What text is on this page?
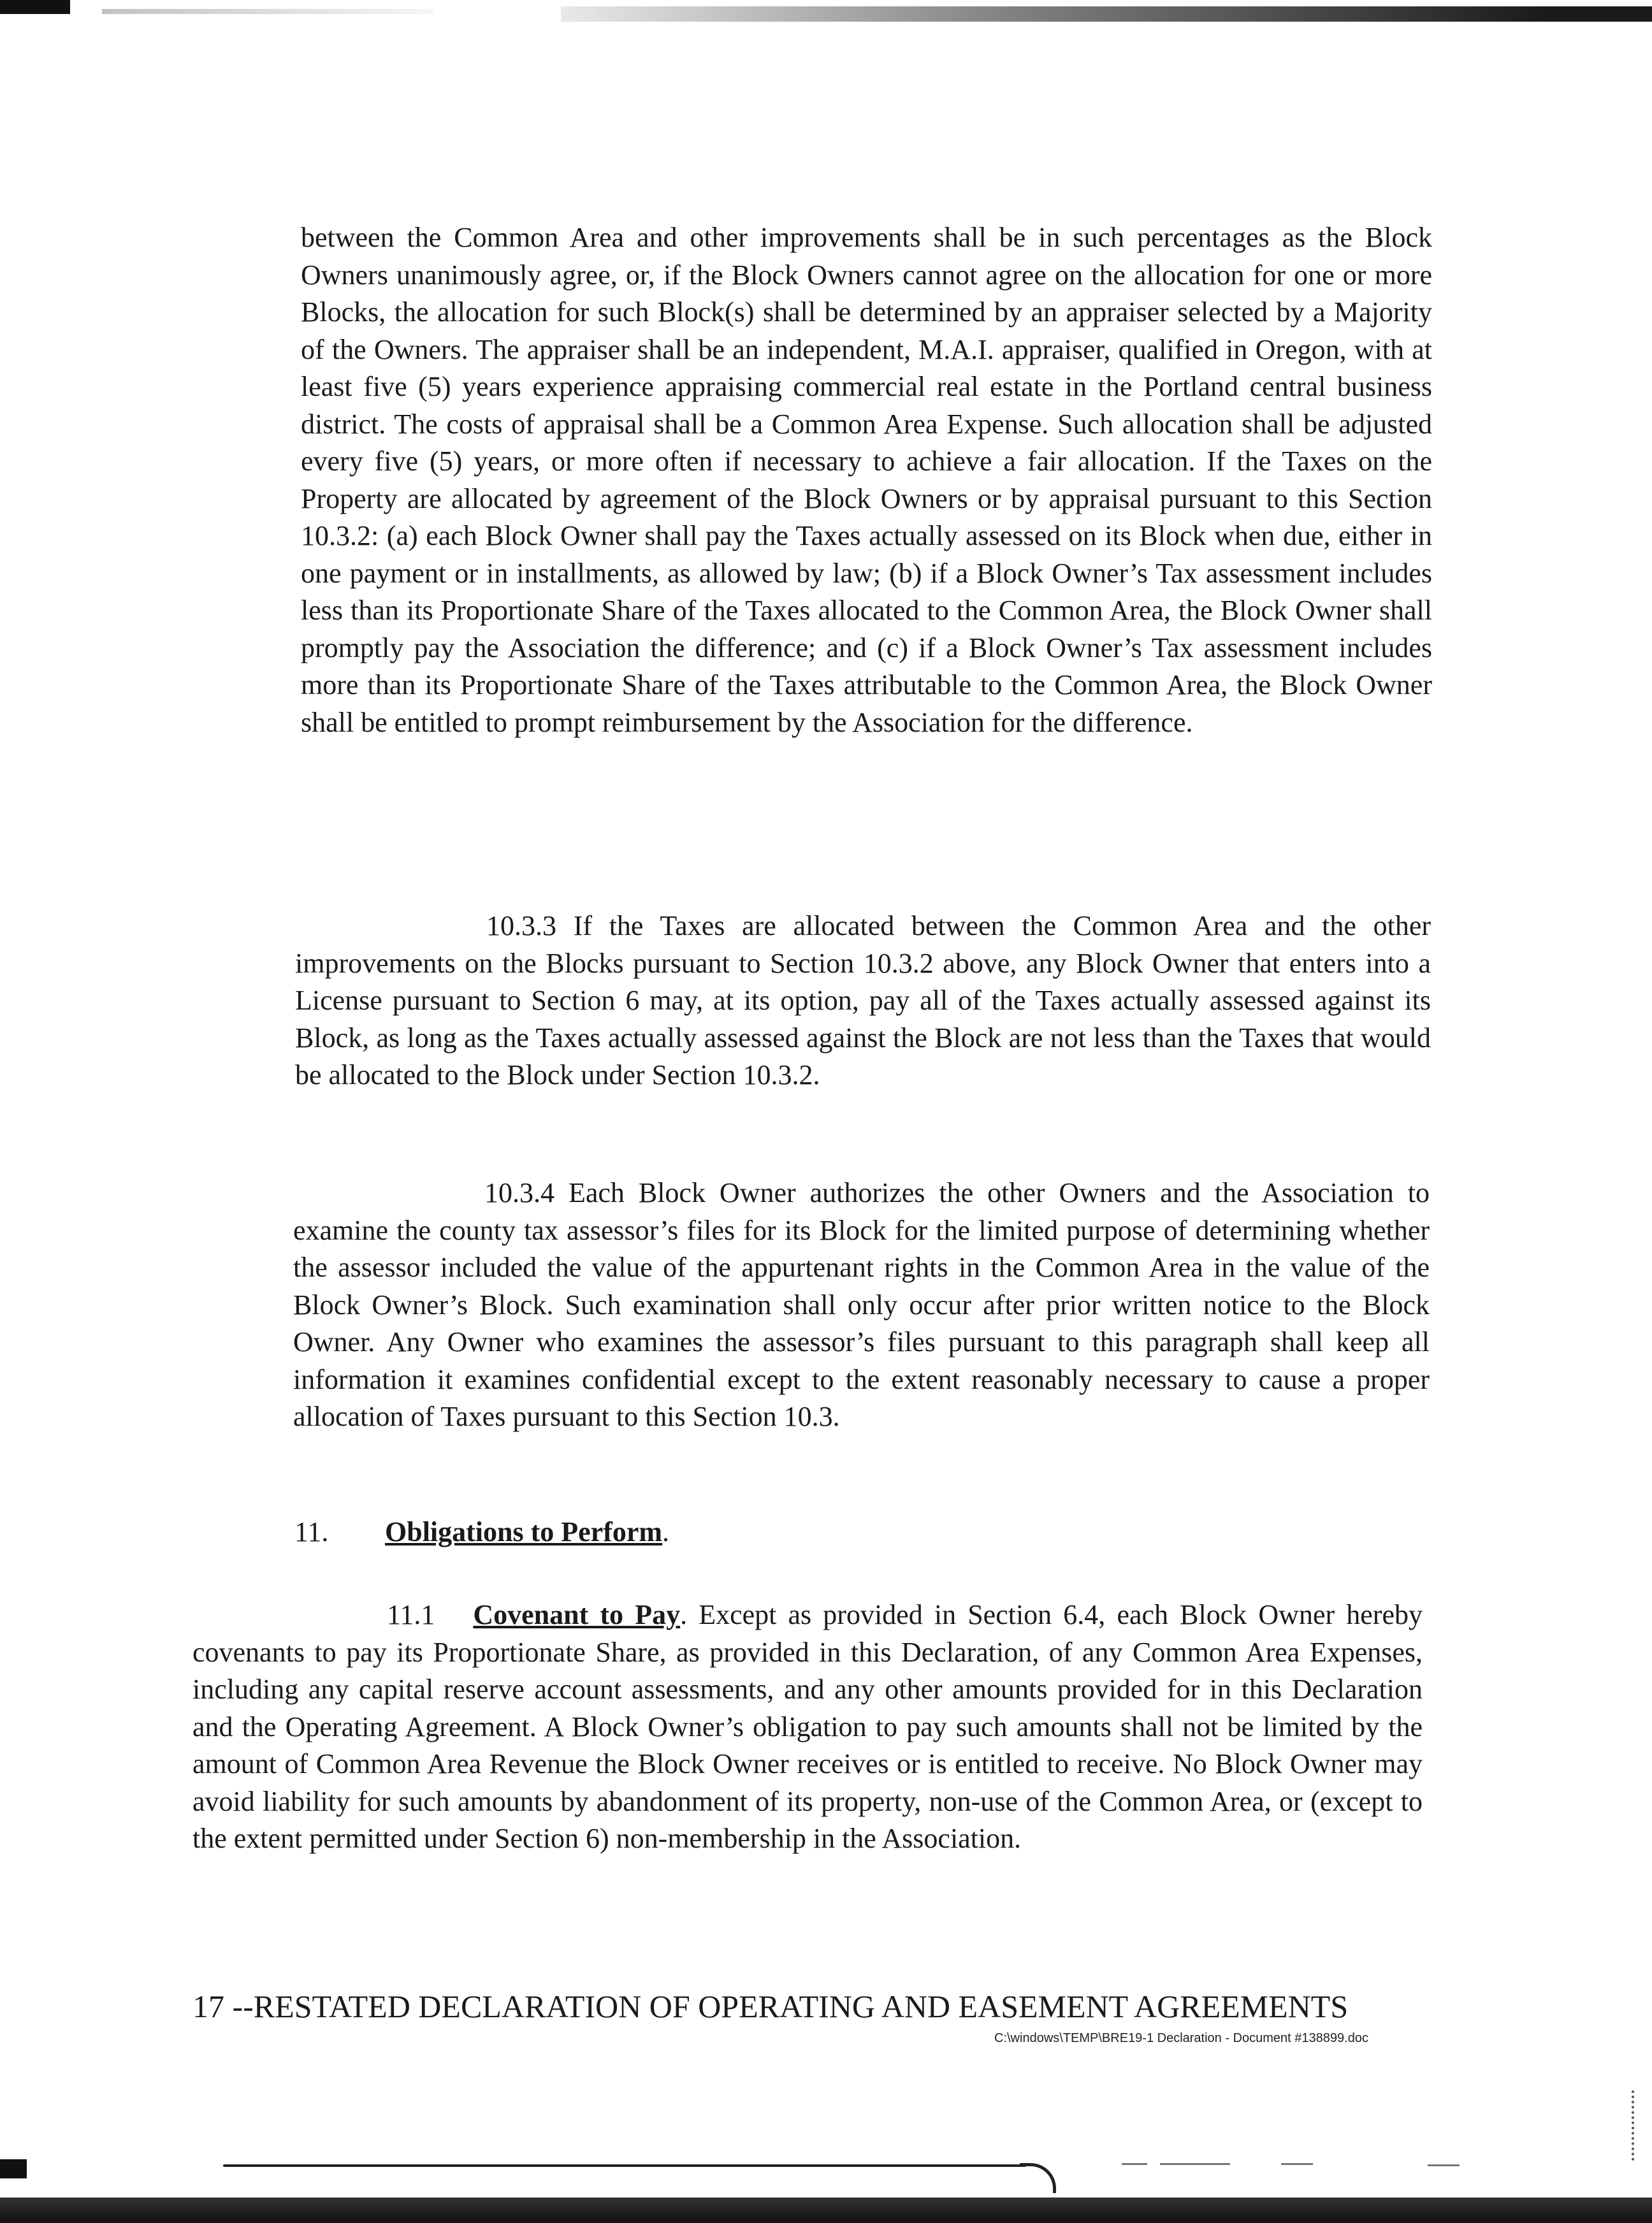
between the Common Area and other improvements shall be in such percentages as the Block Owners unanimously agree, or, if the Block Owners cannot agree on the allocation for one or more Blocks, the allocation for such Block(s) shall be determined by an appraiser selected by a Majority of the Owners. The appraiser shall be an independent, M.A.I. appraiser, qualified in Oregon, with at least five (5) years experience appraising commercial real estate in the Portland central business district. The costs of appraisal shall be a Common Area Expense. Such allocation shall be adjusted every five (5) years, or more often if necessary to achieve a fair allocation. If the Taxes on the Property are allocated by agreement of the Block Owners or by appraisal pursuant to this Section 10.3.2: (a) each Block Owner shall pay the Taxes actually assessed on its Block when due, either in one payment or in installments, as allowed by law; (b) if a Block Owner’s Tax assessment includes less than its Proportionate Share of the Taxes allocated to the Common Area, the Block Owner shall promptly pay the Association the difference; and (c) if a Block Owner’s Tax assessment includes more than its Proportionate Share of the Taxes attributable to the Common Area, the Block Owner shall be entitled to prompt reimbursement by the Association for the difference.

10.3.3 If the Taxes are allocated between the Common Area and the other improvements on the Blocks pursuant to Section 10.3.2 above, any Block Owner that enters into a License pursuant to Section 6 may, at its option, pay all of the Taxes actually assessed against its Block, as long as the Taxes actually assessed against the Block are not less than the Taxes that would be allocated to the Block under Section 10.3.2.

10.3.4 Each Block Owner authorizes the other Owners and the Association to examine the county tax assessor’s files for its Block for the limited purpose of determining whether the assessor included the value of the appurtenant rights in the Common Area in the value of the Block Owner’s Block. Such examination shall only occur after prior written notice to the Block Owner. Any Owner who examines the assessor’s files pursuant to this paragraph shall keep all information it examines confidential except to the extent reasonably necessary to cause a proper allocation of Taxes pursuant to this Section 10.3.

11. Obligations to Perform.

11.1 Covenant to Pay. Except as provided in Section 6.4, each Block Owner hereby covenants to pay its Proportionate Share, as provided in this Declaration, of any Common Area Expenses, including any capital reserve account assessments, and any other amounts provided for in this Declaration and the Operating Agreement. A Block Owner’s obligation to pay such amounts shall not be limited by the amount of Common Area Revenue the Block Owner receives or is entitled to receive. No Block Owner may avoid liability for such amounts by abandonment of its property, non-use of the Common Area, or (except to the extent permitted under Section 6) non-membership in the Association.

17 --RESTATED DECLARATION OF OPERATING AND EASEMENT AGREEMENTS

C:\windows\TEMP\BRE19-1 Declaration - Document #138899.doc
